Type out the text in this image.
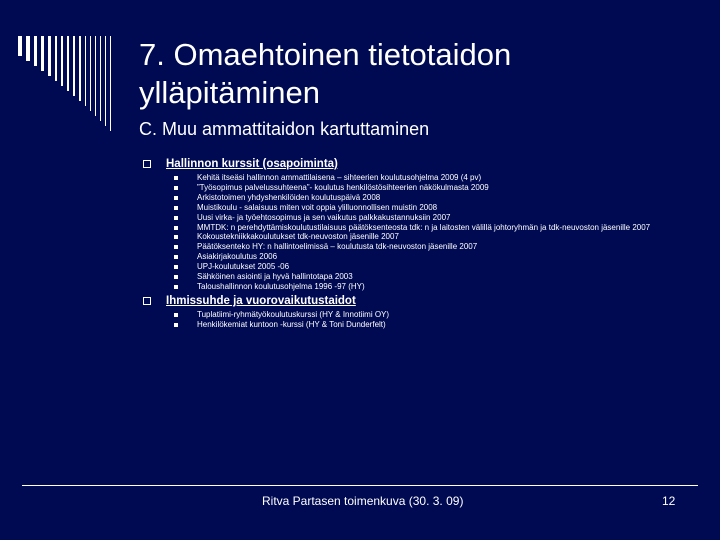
7. Omaehtoinen tietotaidon ylläpitäminen
C. Muu ammattitaidon kartuttaminen
Hallinnon kurssit (osapoiminta)
Kehitä itseäsi hallinnon ammattilaisena – sihteerien koulutusohjelma 2009 (4 pv)
”Työsopimus palvelussuhteena”- koulutus henkilöstösihteerien näkökulmasta 2009
Arkistotoimen yhdyshenkilöiden koulutuspäivä 2008
Muistikoulu - salaisuus miten voit oppia ylilluonnollisen muistin 2008
Uusi virka- ja työehtosopimus ja sen vaikutus palkkakustannuksiin 2007
MMTDK: n perehdyttämiskoulutustilaisuus päätöksenteosta tdk: n ja laitosten välillä johtoryhmän ja tdk-neuvoston jäsenille 2007
Kokoustekniikkakoulutukset tdk-neuvoston jäsenille 2007
Päätöksenteko HY: n hallintoelimissä – koulutusta tdk-neuvoston jäsenille 2007
Asiakirjakoulutus 2006
UPJ-koulutukset 2005 -06
Sähköinen asiointi ja hyvä hallintotapa 2003
Taloushallinnon koulutusohjelma 1996 -97 (HY)
Ihmissuhde ja vuorovaikutustaidot
Tuplatiimi-ryhmätyökoulutuskurssi (HY & Innotiimi OY)
Henkilökemiat kuntoon -kurssi (HY & Toni Dunderfelt)
Ritva Partasen toimenkuva (30. 3. 09)	12
